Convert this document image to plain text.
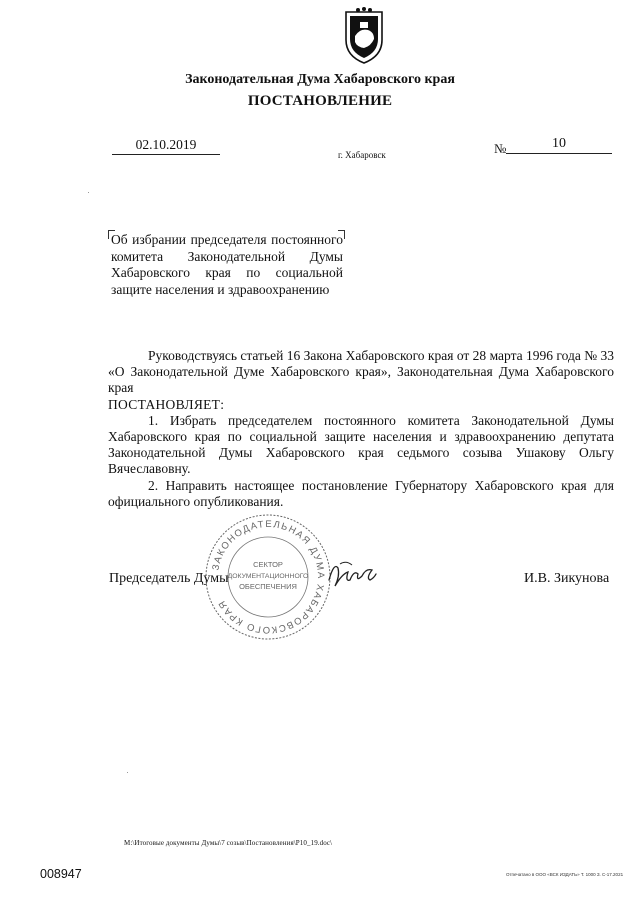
Законодательная Дума Хабаровского края
ПОСТАНОВЛЕНИЕ
02.10.2019
г. Хабаровск	№	10
Об избрании председателя постоянного комитета Законодательной Думы Хабаровского края по социальной защите населения и здравоохранению

Руководствуясь статьей 16 Закона Хабаровского края от 28 марта 1996 года № 33 «О Законодательной Думе Хабаровского края», Законодательная Дума Хабаровского края

ПОСТАНОВЛЯЕТ:

1. Избрать председателем постоянного комитета Законодательной Думы Хабаровского края по социальной защите населения и здравоохранению депутата Законодательной Думы Хабаровского края седьмого созыва Ушакову Ольгу Вячеславовну.

2. Направить настоящее постановление Губернатору Хабаровского края для официального опубликования.

ЗАКОНОДАТЕЛЬНАЯ ДУМА ХАБАРОВСКОГО КРАЯ
СЕКТОР
ДОКУМЕНТАЦИОННОГО
ОБЕСПЕЧЕНИЯ
Председатель Думы	И.В. Зикунова
M:\Итоговые документы Думы\7 созыв\Постановления\Р10_19.doc\
008947	Отпечатано в ООО «ВСК ИЗДАТЬ» Т. 1000 З. С-17.2021
